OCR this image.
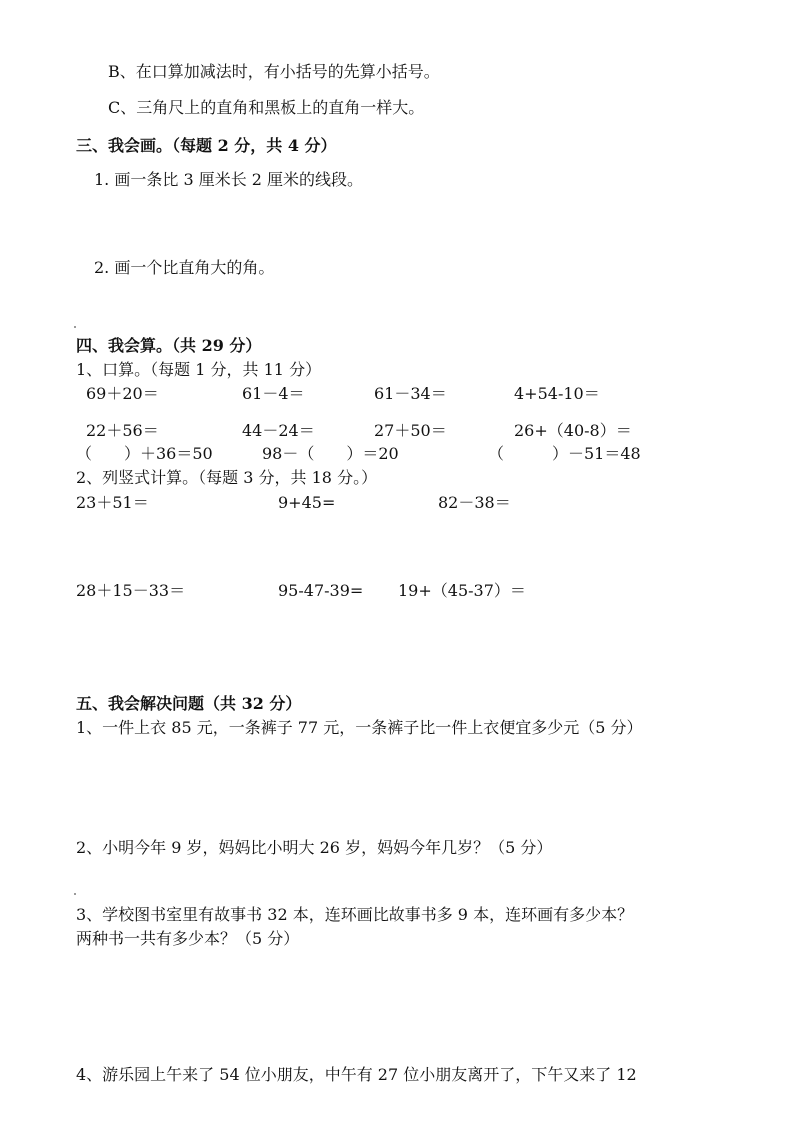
B、在口算加减法时，有小括号的先算小括号。
C、三角尺上的直角和黑板上的直角一样大。
三、我会画。（每题 2 分，共 4 分）
1. 画一条比 3 厘米长 2 厘米的线段。
2. 画一个比直角大的角。
四、我会算。（共 29 分）
1、口算。（每题 1 分，共 11 分）
69＋20＝	61－4＝	61－34＝	4+54-10＝
22＋56＝	44－24＝	27＋50＝	26+（40-8）＝
（　　）＋36＝50	98－（　　）＝20	（　　　）－51＝48
2、列竖式计算。（每题 3 分，共 18 分。）
23＋51＝	9+45=	82－38＝
28＋15－33＝	95-47-39= 19+（45-37）＝
五、我会解决问题（共 32 分）
1、一件上衣 85 元，一条裤子 77 元，一条裤子比一件上衣便宜多少元（5 分）
2、小明今年 9 岁，妈妈比小明大 26 岁，妈妈今年几岁？（5 分）
3、学校图书室里有故事书 32 本，连环画比故事书多 9 本，连环画有多少本？
两种书一共有多少本？（5 分）
4、游乐园上午来了 54 位小朋友，中午有 27 位小朋友离开了，下午又来了 12
